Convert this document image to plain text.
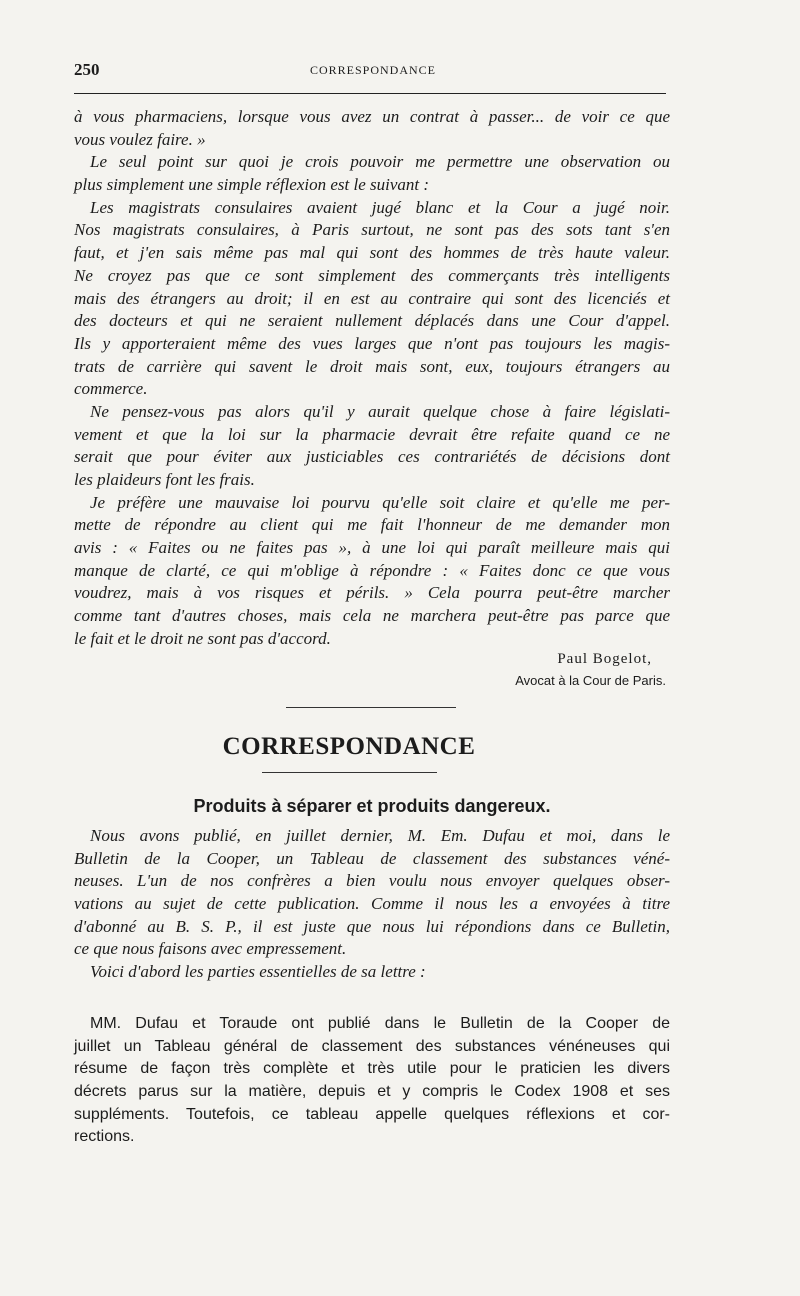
250	CORRESPONDANCE
à vous pharmaciens, lorsque vous avez un contrat à passer... de voir ce que
vous voulez faire. »
Le seul point sur quoi je crois pouvoir me permettre une observation ou
plus simplement une simple réflexion est le suivant :
Les magistrats consulaires avaient jugé blanc et la Cour a jugé noir.
Nos magistrats consulaires, à Paris surtout, ne sont pas des sots tant s'en
faut, et j'en sais même pas mal qui sont des hommes de très haute valeur.
Ne croyez pas que ce sont simplement des commerçants très intelligents
mais des étrangers au droit; il en est au contraire qui sont des licenciés et
des docteurs et qui ne seraient nullement déplacés dans une Cour d'appel.
Ils y apporteraient même des vues larges que n'ont pas toujours les magis-
trats de carrière qui savent le droit mais sont, eux, toujours étrangers au
commerce.
Ne pensez-vous pas alors qu'il y aurait quelque chose à faire législati-
vement et que la loi sur la pharmacie devrait être refaite quand ce ne
serait que pour éviter aux justiciables ces contrariétés de décisions dont
les plaideurs font les frais.
Je préfère une mauvaise loi pourvu qu'elle soit claire et qu'elle me per-
mette de répondre au client qui me fait l'honneur de me demander mon
avis : « Faites ou ne faites pas », à une loi qui paraît meilleure mais qui
manque de clarté, ce qui m'oblige à répondre : « Faites donc ce que vous
voudrez, mais à vos risques et périls. » Cela pourra peut-être marcher
comme tant d'autres choses, mais cela ne marchera peut-être pas parce que
le fait et le droit ne sont pas d'accord.
Paul Bogelot,
Avocat à la Cour de Paris.
CORRESPONDANCE
Produits à séparer et produits dangereux.
Nous avons publié, en juillet dernier, M. Em. Dufau et moi, dans le
Bulletin de la Cooper, un Tableau de classement des substances véné-
neuses. L'un de nos confrères a bien voulu nous envoyer quelques obser-
vations au sujet de cette publication. Comme il nous les a envoyées à titre
d'abonné au B. S. P., il est juste que nous lui répondions dans ce Bulletin,
ce que nous faisons avec empressement.
Voici d'abord les parties essentielles de sa lettre :
MM. Dufau et Toraude ont publié dans le Bulletin de la Cooper de
juillet un Tableau général de classement des substances vénéneuses qui
résume de façon très complète et très utile pour le praticien les divers
décrets parus sur la matière, depuis et y compris le Codex 1908 et ses
suppléments. Toutefois, ce tableau appelle quelques réflexions et cor-
rections.
